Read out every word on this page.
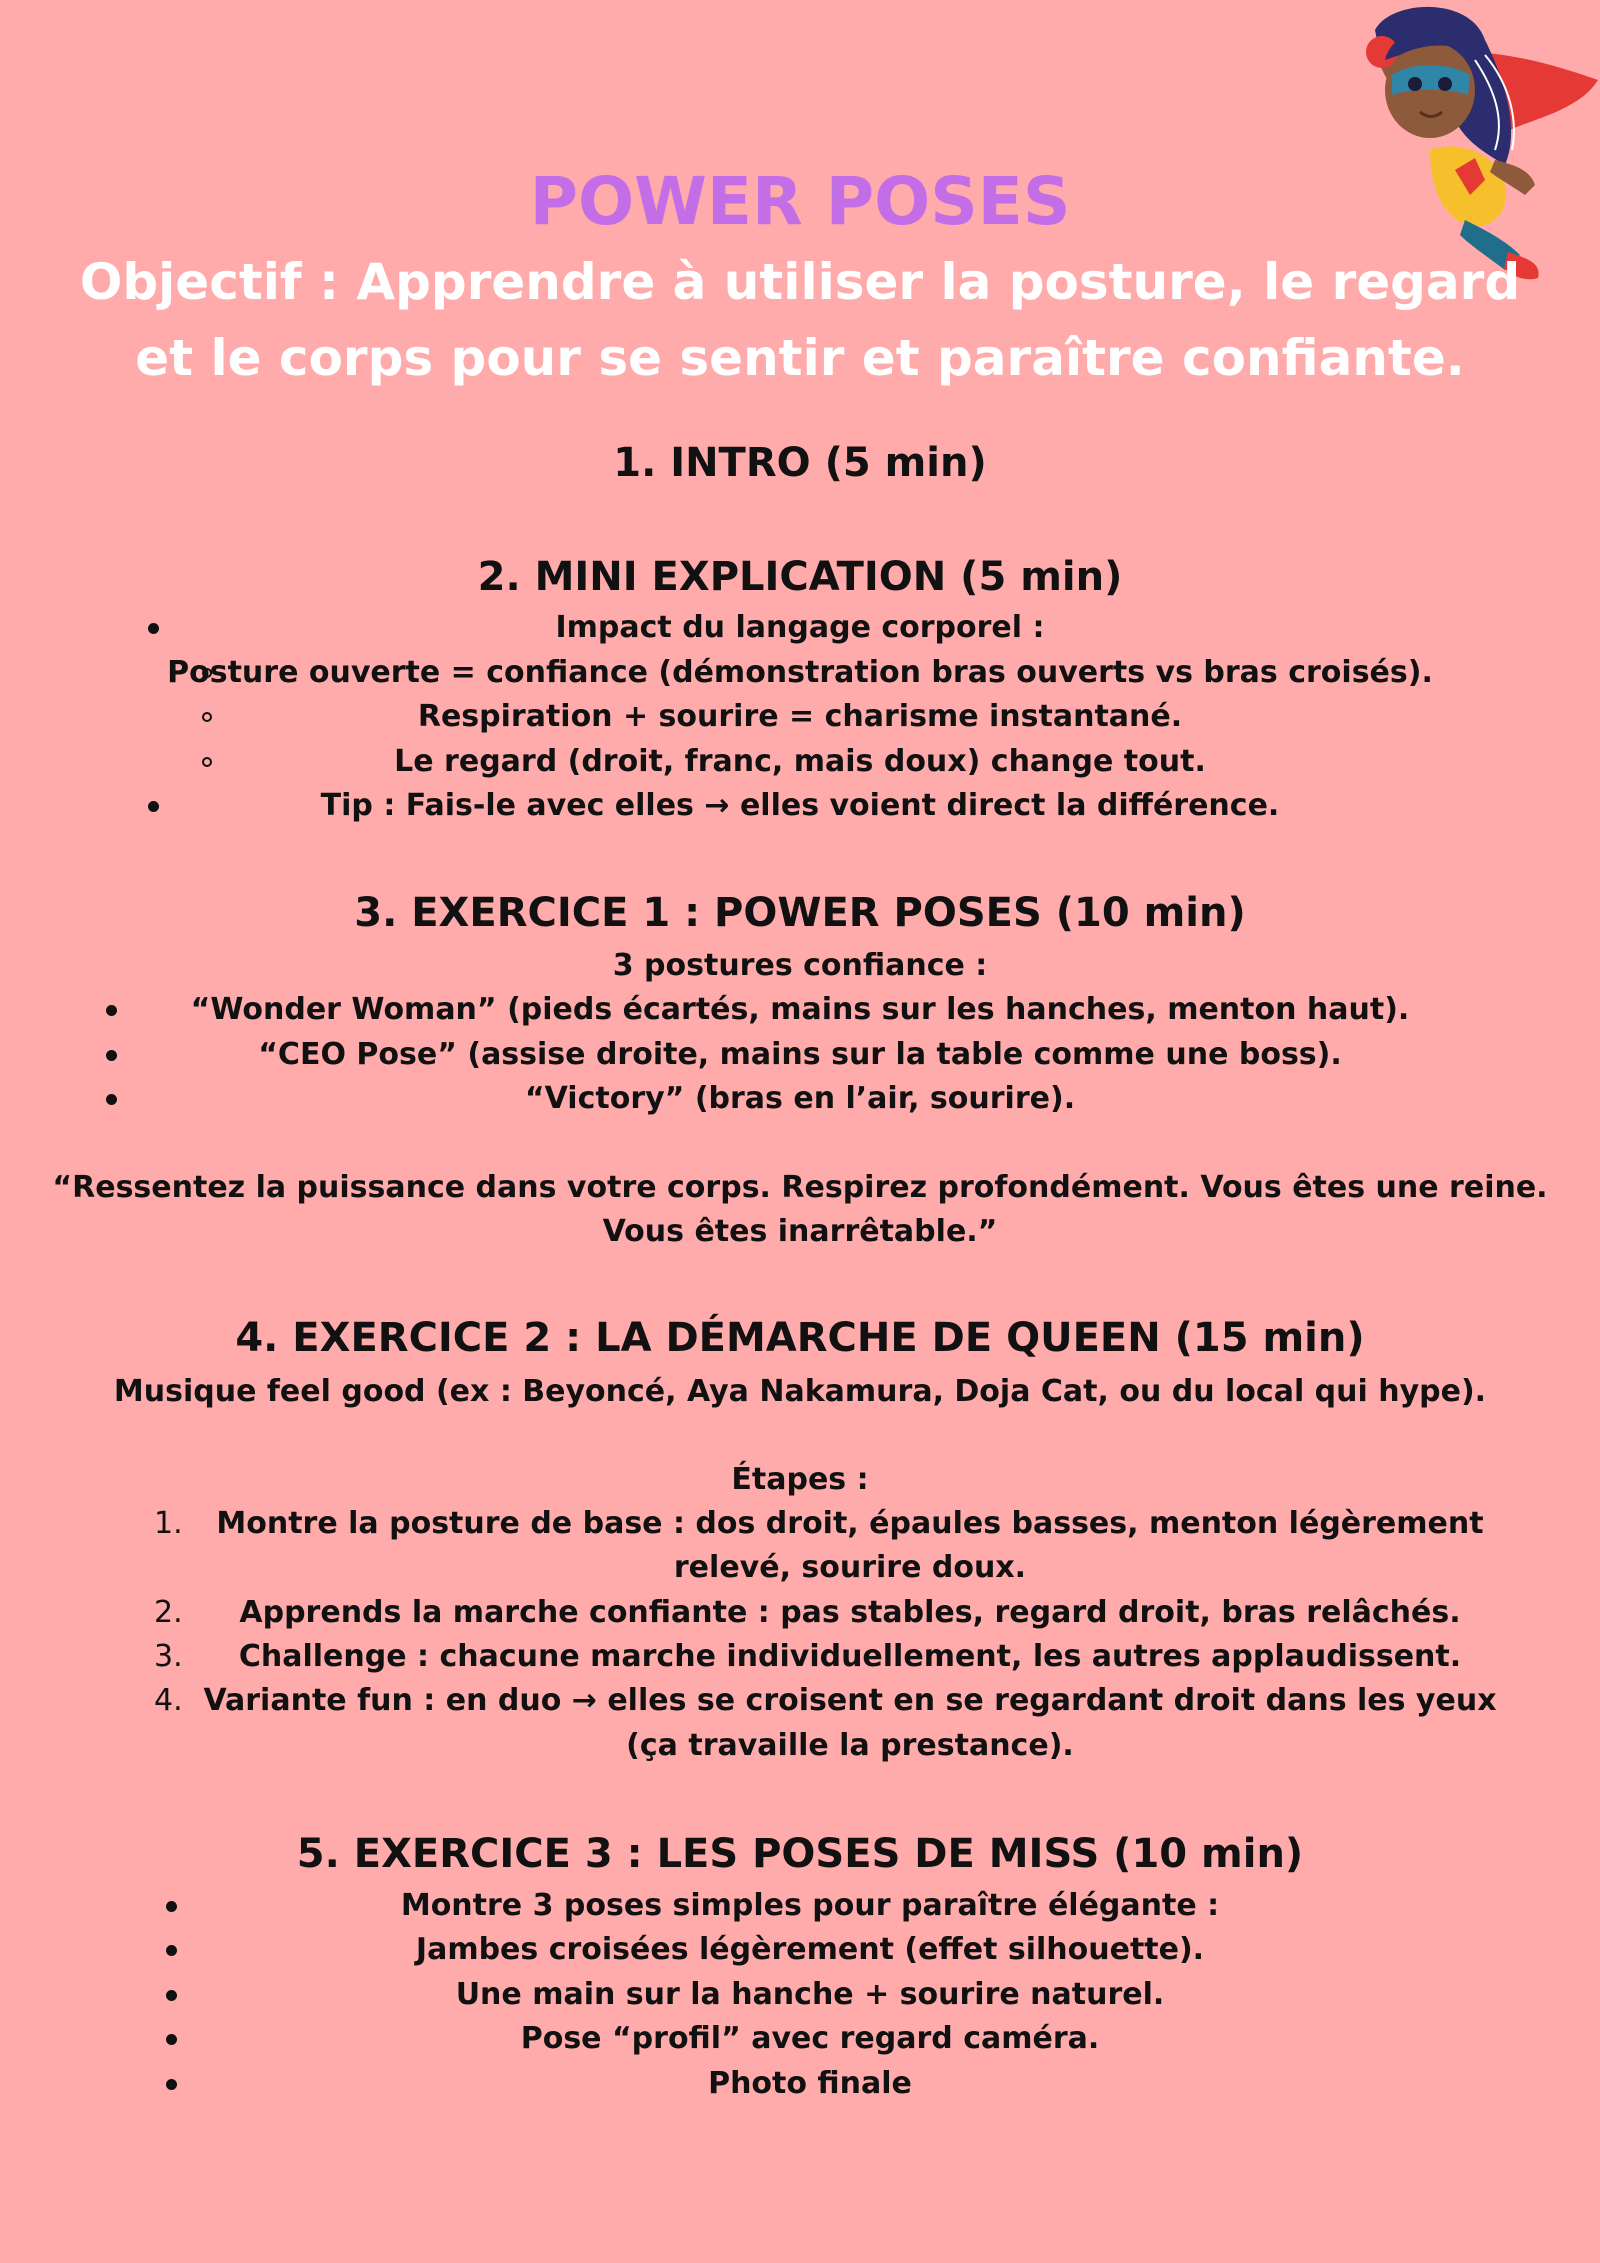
POWER POSES
Objectif : Apprendre à utiliser la posture, le regard
et le corps pour se sentir et paraître confiante.
1. INTRO (5 min)
2. MINI EXPLICATION (5 min)
Impact du langage corporel :
Posture ouverte = confiance (démonstration bras ouverts vs bras croisés).
Respiration + sourire = charisme instantané.
Le regard (droit, franc, mais doux) change tout.
Tip : Fais-le avec elles → elles voient direct la différence.
3. EXERCICE 1 : POWER POSES (10 min)
3 postures confiance :
“Wonder Woman” (pieds écartés, mains sur les hanches, menton haut).
“CEO Pose” (assise droite, mains sur la table comme une boss).
“Victory” (bras en l’air, sourire).
“Ressentez la puissance dans votre corps. Respirez profondément. Vous êtes une reine.
Vous êtes inarrêtable.”
4. EXERCICE 2 : LA DÉMARCHE DE QUEEN (15 min)
Musique feel good (ex : Beyoncé, Aya Nakamura, Doja Cat, ou du local qui hype).
Étapes :
1.	Montre la posture de base : dos droit, épaules basses, menton légèrement
relevé, sourire doux.
2.	Apprends la marche confiante : pas stables, regard droit, bras relâchés.
3.	Challenge : chacune marche individuellement, les autres applaudissent.
4. Variante fun : en duo → elles se croisent en se regardant droit dans les yeux
(ça travaille la prestance).
5. EXERCICE 3 : LES POSES DE MISS (10 min)
Montre 3 poses simples pour paraître élégante :
Jambes croisées légèrement (effet silhouette).
Une main sur la hanche + sourire naturel.
Pose “profil” avec regard caméra.
Photo finale
